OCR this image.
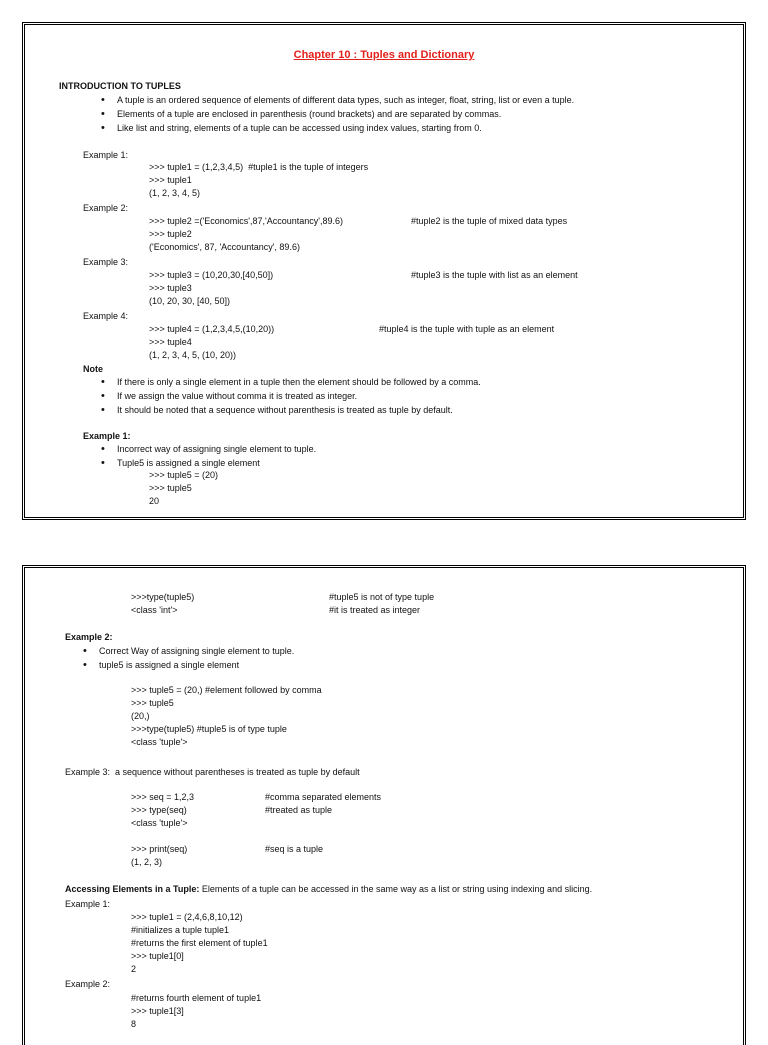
Chapter 10 : Tuples and Dictionary
INTRODUCTION TO TUPLES
• A tuple is an ordered sequence of elements of different data types, such as integer, float, string, list or even a tuple.
• Elements of a tuple are enclosed in parenthesis (round brackets) and are separated by commas.
• Like list and string, elements of a tuple can be accessed using index values, starting from 0.
Example 1:
>>> tuple1 = (1,2,3,4,5)  #tuple1 is the tuple of integers
>>> tuple1
(1, 2, 3, 4, 5)
Example 2:
>>> tuple2 =('Economics',87,'Accountancy',89.6)	#tuple2 is the tuple of mixed data types
>>> tuple2
('Economics', 87, 'Accountancy', 89.6)
Example 3:
>>> tuple3 = (10,20,30,[40,50])	#tuple3 is the tuple with list as an element
>>> tuple3
(10, 20, 30, [40, 50])
Example 4:
>>> tuple4 = (1,2,3,4,5,(10,20))	#tuple4 is the tuple with tuple as an element
>>> tuple4
(1, 2, 3, 4, 5, (10, 20))
Note
• If there is only a single element in a tuple then the element should be followed by a comma.
• If we assign the value without comma it is treated as integer.
• It should be noted that a sequence without parenthesis is treated as tuple by default.
Example 1:
• Incorrect way of assigning single element to tuple.
• Tuple5 is assigned a single element
>>> tuple5 = (20)
>>> tuple5
20
>>>type(tuple5)	#tuple5 is not of type tuple
<class 'int'>	#it is treated as integer
Example 2:
• Correct Way of assigning single element to tuple.
• tuple5 is assigned a single element
>>> tuple5 = (20,) #element followed by comma
>>> tuple5
(20,)
>>>type(tuple5) #tuple5 is of type tuple
<class 'tuple'>
Example 3:  a sequence without parentheses is treated as tuple by default
>>> seq = 1,2,3	#comma separated elements
>>> type(seq)	#treated as tuple
<class 'tuple'>
>>> print(seq)	#seq is a tuple
(1, 2, 3)
Accessing Elements in a Tuple: Elements of a tuple can be accessed in the same way as a list or string using indexing and slicing.
Example 1:
>>> tuple1 = (2,4,6,8,10,12)
#initializes a tuple tuple1
#returns the first element of tuple1
>>> tuple1[0]
2
Example 2:
#returns fourth element of tuple1
>>> tuple1[3]
8
